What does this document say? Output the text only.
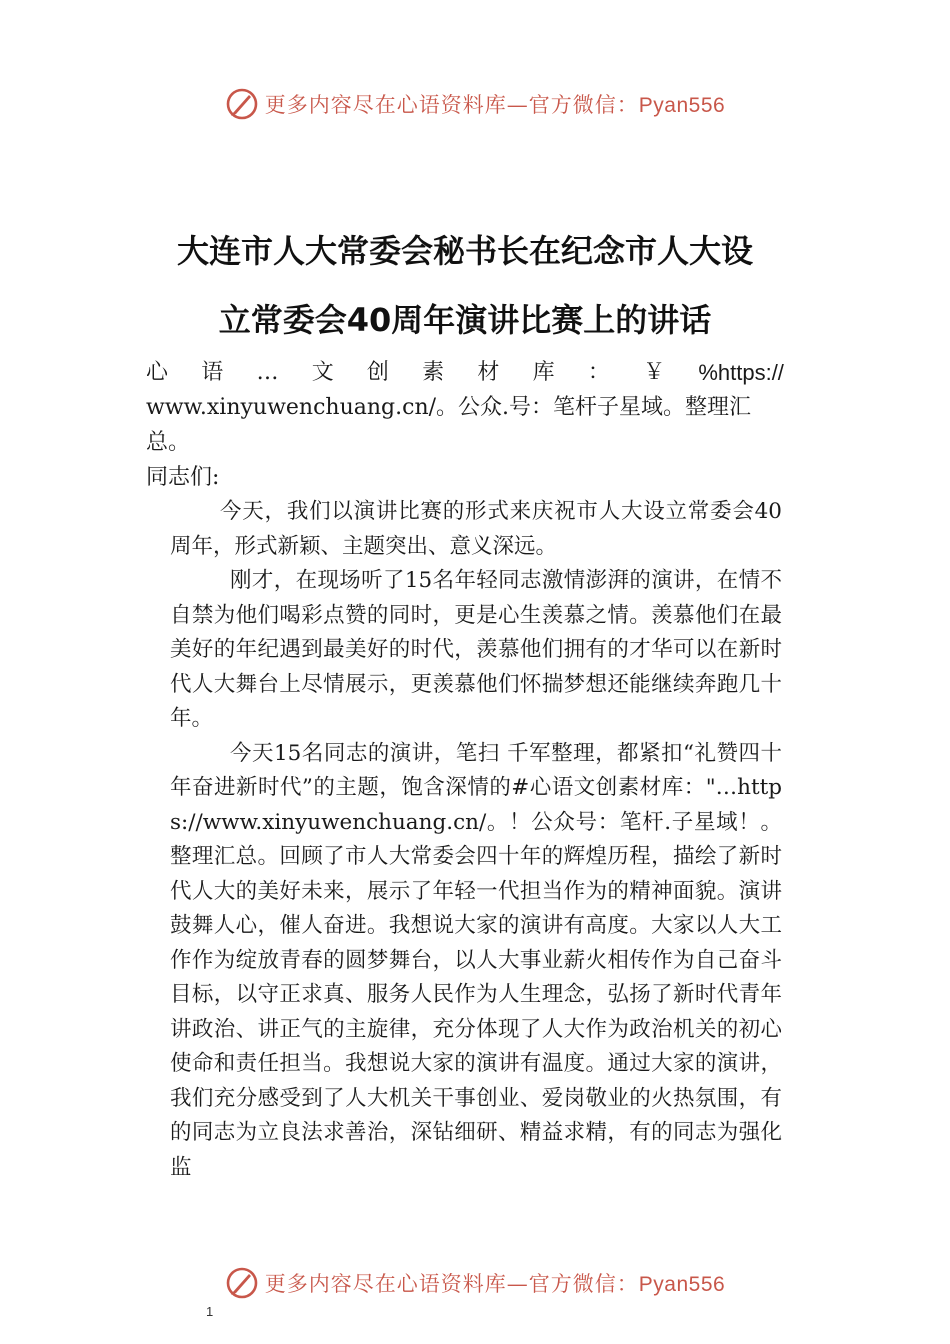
更多内容尽在心语资料库—官方微信：Pyan556
大连市人大常委会秘书长在纪念市人大设
立常委会40周年演讲比赛上的讲话
心 语 … 文 创 素 材 库 ： ￥ %https://
www.xinyuwenchuang.cn/。公众.号：笔杆子星域。整理汇
总。
同志们:

今天，我们以演讲比赛的形式来庆祝市人大设立常委会40周年，形式新颖、主题突出、意义深远。

刚才，在现场听了15名年轻同志激情澎湃的演讲，在情不自禁为他们喝彩点赞的同时，更是心生羡慕之情。羡慕他们在最美好的年纪遇到最美好的时代，羡慕他们拥有的才华可以在新时代人大舞台上尽情展示，更羡慕他们怀揣梦想还能继续奔跑几十年。

今天15名同志的演讲，笔扫 千军整理，都紧扣“礼赞四十年奋进新时代”的主题，饱含深情的#心语文创素材库："…https://www.xinyuwenchuang.cn/。！公众号：笔杆.子星域！。整理汇总。回顾了市人大常委会四十年的辉煌历程，描绘了新时代人大的美好未来，展示了年轻一代担当作为的精神面貌。演讲鼓舞人心，催人奋进。我想说大家的演讲有高度。大家以人大工作作为绽放青春的圆梦舞台，以人大事业薪火相传作为自己奋斗目标，以守正求真、服务人民作为人生理念，弘扬了新时代青年讲政治、讲正气的主旋律，充分体现了人大作为政治机关的初心使命和责任担当。我想说大家的演讲有温度。通过大家的演讲，我们充分感受到了人大机关干事创业、爱岗敬业的火热氛围，有的同志为立良法求善治，深钻细研、精益求精，有的同志为强化监

更多内容尽在心语资料库—官方微信：Pyan556
1
